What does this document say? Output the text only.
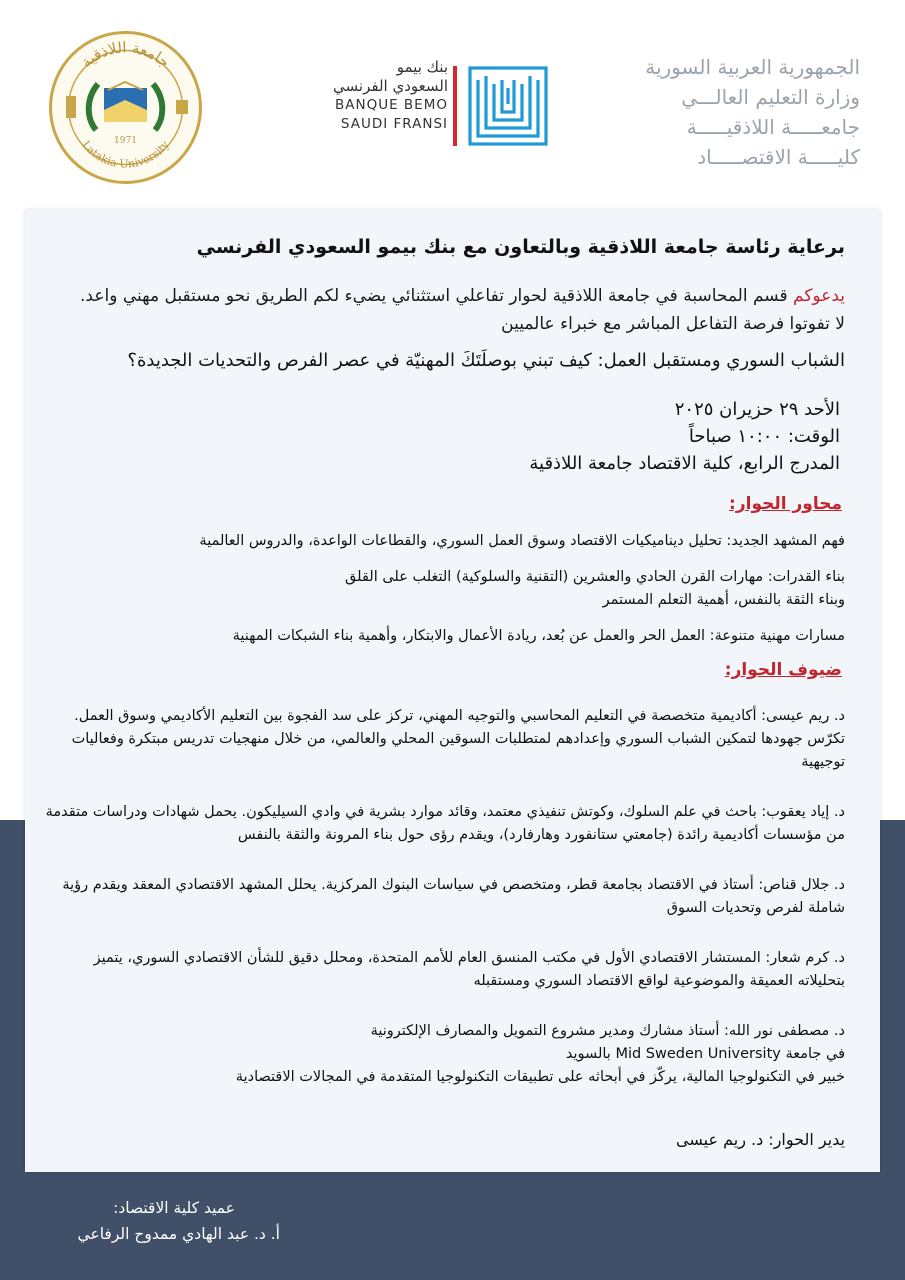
الجمهورية العربية السورية
وزارة التعليم العالـــي
جامعـــــة اللاذقيـــــة
كليـــــة الاقتصـــــاد
بنك بيمو
السعودي الفرنسي
BANQUE BEMO
SAUDI FRANSI
جامعة اللاذقية
Latakia University
1971
برعاية رئاسة جامعة اللاذقية وبالتعاون مع بنك بيمو السعودي الفرنسي
يدعوكم قسم المحاسبة في جامعة اللاذقية لحوار تفاعلي استثنائي يضيء لكم الطريق نحو مستقبل مهني واعد. لا تفوتوا فرصة التفاعل المباشر مع خبراء عالميين
الشباب السوري ومستقبل العمل: كيف تبني بوصلَتَكَ المهنيّة في عصر الفرص والتحديات الجديدة؟
الأحد ٢٩ حزيران ٢٠٢٥
الوقت: ١٠:٠٠ صباحاً
المدرج الرابع، كلية الاقتصاد جامعة اللاذقية
محاور الحوار:

فهم المشهد الجديد: تحليل ديناميكيات الاقتصاد وسوق العمل السوري، والقطاعات الواعدة، والدروس العالمية

بناء القدرات: مهارات القرن الحادي والعشرين (التقنية والسلوكية) التغلب على القلق
وبناء الثقة بالنفس، أهمية التعلم المستمر

مسارات مهنية متنوعة: العمل الحر والعمل عن بُعد، ريادة الأعمال والابتكار، وأهمية بناء الشبكات المهنية

ضيوف الحوار:

د. ريم عيسى: أكاديمية متخصصة في التعليم المحاسبي والتوجيه المهني، تركز على سد الفجوة بين التعليم الأكاديمي وسوق العمل. تكرّس جهودها لتمكين الشباب السوري وإعدادهم لمتطلبات السوقين المحلي والعالمي، من خلال منهجيات تدريس مبتكرة وفعاليات توجيهية

د. إياد يعقوب: باحث في علم السلوك، وكوتش تنفيذي معتمد، وقائد موارد بشرية في وادي السيليكون. يحمل شهادات ودراسات متقدمة من مؤسسات أكاديمية رائدة (جامعتي ستانفورد وهارفارد)، ويقدم رؤى حول بناء المرونة والثقة بالنفس

د. جلال قناص: أستاذ في الاقتصاد بجامعة قطر، ومتخصص في سياسات البنوك المركزية. يحلل المشهد الاقتصادي المعقد ويقدم رؤية شاملة لفرص وتحديات السوق

د. كرم شعار: المستشار الاقتصادي الأول في مكتب المنسق العام للأمم المتحدة، ومحلل دقيق للشأن الاقتصادي السوري، يتميز بتحليلاته العميقة والموضوعية لواقع الاقتصاد السوري ومستقبله

د. مصطفى نور الله: أستاذ مشارك ومدير مشروع التمويل والمصارف الإلكترونية
في جامعة Mid Sweden University بالسويد
خبير في التكنولوجيا المالية، يركّز في أبحاثه على تطبيقات التكنولوجيا المتقدمة في المجالات الاقتصادية

يدير الحوار: د. ريم عيسى
عميد كلية الاقتصاد:
أ. د. عبد الهادي ممدوح الرفاعي
